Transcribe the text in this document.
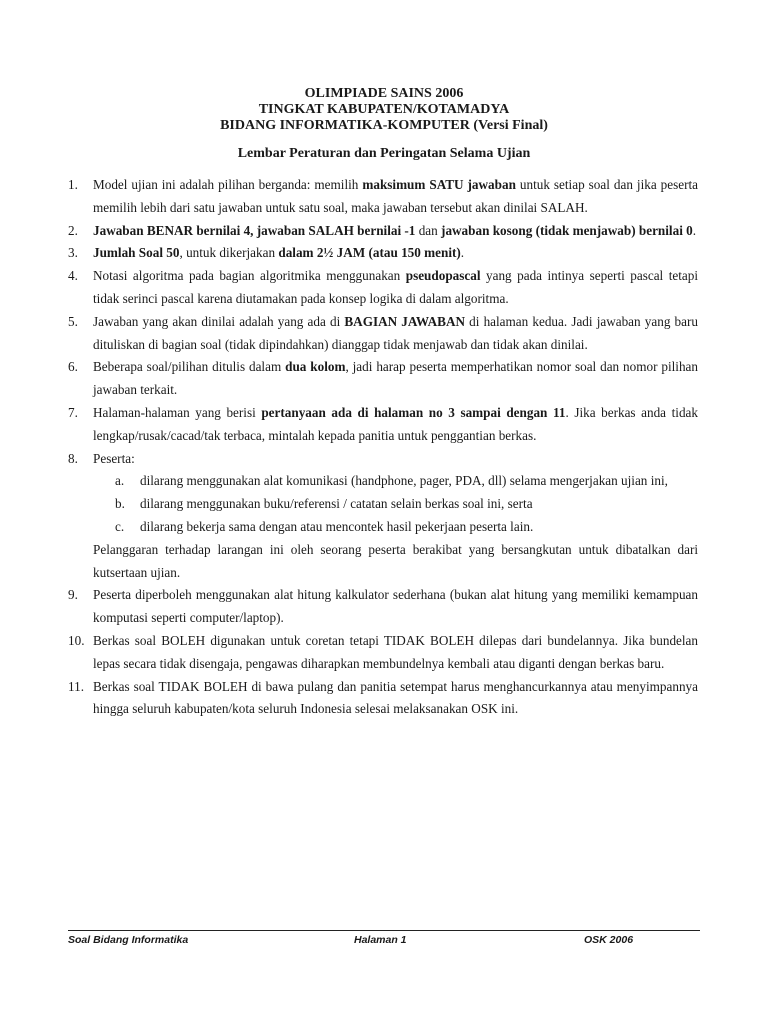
OLIMPIADE SAINS 2006
TINGKAT KABUPATEN/KOTAMADYA
BIDANG INFORMATIKA-KOMPUTER (Versi Final)
Lembar Peraturan dan Peringatan Selama Ujian
1. Model ujian ini adalah pilihan berganda: memilih maksimum SATU jawaban untuk setiap soal dan jika peserta memilih lebih dari satu jawaban untuk satu soal, maka jawaban tersebut akan dinilai SALAH.
2. Jawaban BENAR bernilai 4, jawaban SALAH bernilai -1 dan jawaban kosong (tidak menjawab) bernilai 0.
3. Jumlah Soal 50, untuk dikerjakan dalam 2½ JAM (atau 150 menit).
4. Notasi algoritma pada bagian algoritmika menggunakan pseudopascal yang pada intinya seperti pascal tetapi tidak serinci pascal karena diutamakan pada konsep logika di dalam algoritma.
5. Jawaban yang akan dinilai adalah yang ada di BAGIAN JAWABAN di halaman kedua. Jadi jawaban yang baru dituliskan di bagian soal (tidak dipindahkan) dianggap tidak menjawab dan tidak akan dinilai.
6. Beberapa soal/pilihan ditulis dalam dua kolom, jadi harap peserta memperhatikan nomor soal dan nomor pilihan jawaban terkait.
7. Halaman-halaman yang berisi pertanyaan ada di halaman no 3 sampai dengan 11. Jika berkas anda tidak lengkap/rusak/cacad/tak terbaca, mintalah kepada panitia untuk penggantian berkas.
8. Peserta:
a. dilarang menggunakan alat komunikasi (handphone, pager, PDA, dll) selama mengerjakan ujian ini,
b. dilarang menggunakan buku/referensi / catatan selain berkas soal ini, serta
c. dilarang bekerja sama dengan atau mencontek hasil pekerjaan peserta lain.
Pelanggaran terhadap larangan ini oleh seorang peserta berakibat yang bersangkutan untuk dibatalkan dari kutsertaan ujian.
9. Peserta diperboleh menggunakan alat hitung kalkulator sederhana (bukan alat hitung yang memiliki kemampuan komputasi seperti computer/laptop).
10. Berkas soal BOLEH digunakan untuk coretan tetapi TIDAK BOLEH dilepas dari bundelannya. Jika bundelan lepas secara tidak disengaja, pengawas diharapkan membundelnya kembali atau diganti dengan berkas baru.
11. Berkas soal TIDAK BOLEH di bawa pulang dan panitia setempat harus menghancurkannya atau menyimpannya hingga seluruh kabupaten/kota seluruh Indonesia selesai melaksanakan OSK ini.
Soal Bidang Informatika	Halaman 1	OSK 2006
